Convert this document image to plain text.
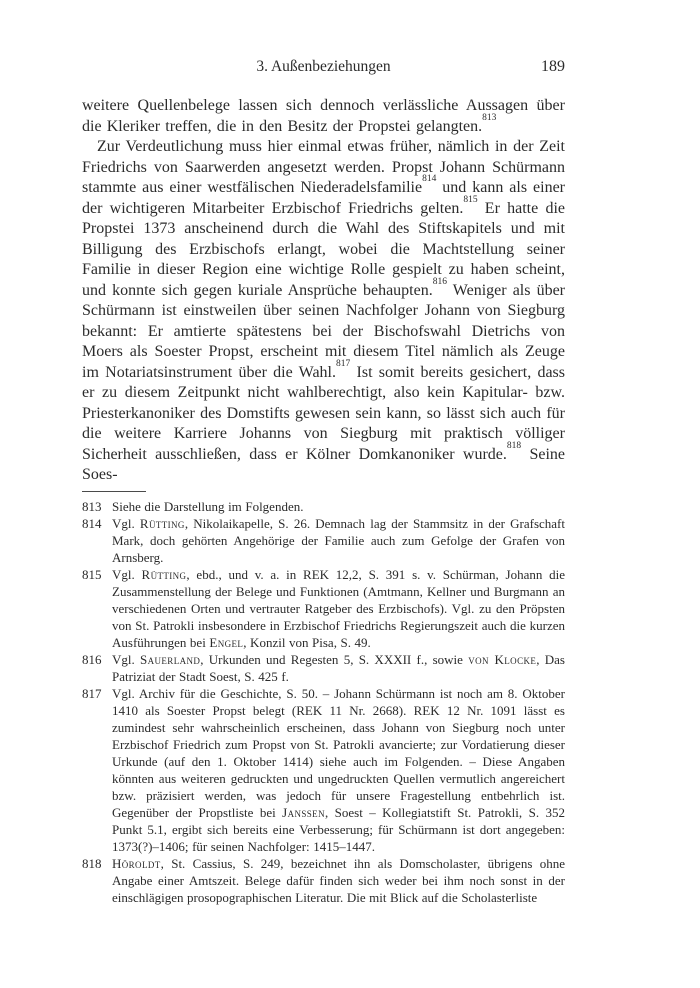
3. Außenbeziehungen	189

weitere Quellenbelege lassen sich dennoch verlässliche Aussagen über die Kleriker treffen, die in den Besitz der Propstei gelangten.$^{813}$

Zur Verdeutlichung muss hier einmal etwas früher, nämlich in der Zeit Friedrichs von Saarwerden angesetzt werden. Propst Johann Schürmann stammte aus einer westfälischen Niederadelsfamilie$^{814}$ und kann als einer der wichtigeren Mitarbeiter Erzbischof Friedrichs gelten.$^{815}$ Er hatte die Propstei 1373 anscheinend durch die Wahl des Stiftskapitels und mit Billigung des Erzbischofs erlangt, wobei die Machtstellung seiner Familie in dieser Region eine wichtige Rolle gespielt zu haben scheint, und konnte sich gegen kuriale Ansprüche behaupten.$^{816}$ Weniger als über Schürmann ist einstweilen über seinen Nachfolger Johann von Siegburg bekannt: Er amtierte spätestens bei der Bischofswahl Dietrichs von Moers als Soester Propst, erscheint mit diesem Titel nämlich als Zeuge im Notariatsinstrument über die Wahl.$^{817}$ Ist somit bereits gesichert, dass er zu diesem Zeitpunkt nicht wahlberechtigt, also kein Kapitular- bzw. Priesterkanoniker des Domstifts gewesen sein kann, so lässt sich auch für die weitere Karriere Johanns von Siegburg mit praktisch völliger Sicherheit ausschließen, dass er Kölner Domkanoniker wurde.$^{818}$ Seine Soes-

813 Siehe die Darstellung im Folgenden.
814 Vgl. Rütting, Nikolaikapelle, S. 26. Demnach lag der Stammsitz in der Grafschaft Mark, doch gehörten Angehörige der Familie auch zum Gefolge der Grafen von Arnsberg.
815 Vgl. Rütting, ebd., und v. a. in REK 12,2, S. 391 s. v. Schürman, Johann die Zusammenstellung der Belege und Funktionen (Amtmann, Kellner und Burgmann an verschiedenen Orten und vertrauter Ratgeber des Erzbischofs). Vgl. zu den Pröpsten von St. Patrokli insbesondere in Erzbischof Friedrichs Regierungszeit auch die kurzen Ausführungen bei Engel, Konzil von Pisa, S. 49.
816 Vgl. Sauerland, Urkunden und Regesten 5, S. XXXII f., sowie von Klocke, Das Patriziat der Stadt Soest, S. 425 f.
817 Vgl. Archiv für die Geschichte, S. 50. – Johann Schürmann ist noch am 8. Oktober 1410 als Soester Propst belegt (REK 11 Nr. 2668). REK 12 Nr. 1091 lässt es zumindest sehr wahrscheinlich erscheinen, dass Johann von Siegburg noch unter Erzbischof Friedrich zum Propst von St. Patrokli avancierte; zur Vordatierung dieser Urkunde (auf den 1. Oktober 1414) siehe auch im Folgenden. – Diese Angaben könnten aus weiteren gedruckten und ungedruckten Quellen vermutlich angereichert bzw. präzisiert werden, was jedoch für unsere Fragestellung entbehrlich ist. Gegenüber der Propstliste bei Janssen, Soest – Kollegiatstift St. Patrokli, S. 352 Punkt 5.1, ergibt sich bereits eine Verbesserung; für Schürmann ist dort angegeben: 1373(?)–1406; für seinen Nachfolger: 1415–1447.
818 Höroldt, St. Cassius, S. 249, bezeichnet ihn als Domscholaster, übrigens ohne Angabe einer Amtszeit. Belege dafür finden sich weder bei ihm noch sonst in der einschlägigen prosopographischen Literatur. Die mit Blick auf die Scholasterliste
